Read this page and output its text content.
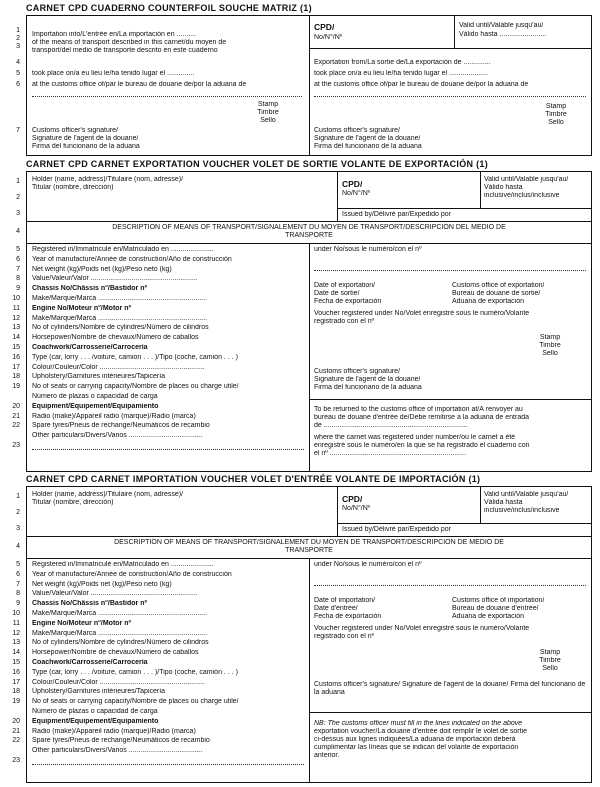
CARNET CPD CUADERNO COUNTERFOIL SOUCHE MATRIZ (1)
1
2
3
4
5
6
7
Importation into/L'entrée en/La importación en ..........
of the means of transport described in this carnet/du moyen de
transport/del medio de transporte descrito en este cuaderno
took place on/a eu lieu le/ha tenido lugar el ..............
at the customs office of/par le bureau de douane de/por la aduana de
Stamp
Timbre
Sello
Customs officer's signature/
Signature de l'agent de la douane/
Firma del funcionario de la aduana
CPD/
No/N°/Nº
Valid until/Valable jusqu'au/
Válido hasta ........................
Exportation from/La sortie de/La exportación de ..............
took place on/a eu lieu le/ha tenido lugar el ....................
at the customs office of/par le bureau de douane de/por la aduana de
Stamp
Timbre
Sello
Customs officer's signature/
Signature de l'agent de la douane/
Firma del funcionario de la aduana
CARNET CPD CARNET EXPORTATION VOUCHER VOLET DE SORTIE VOLANTE DE EXPORTACIÓN (1)
1
2
3
4
Holder (name, address)/Titulaire (nom, adresse)/
Titular (nombre, dirección)	CPD/
No/N°/Nº
Valid until/Valable jusqu'au/
Válido hasta
inclusive/inclus/inclusive
Issued by/Délivré par/Expedido por
DESCRIPTION OF MEANS OF TRANSPORT/SIGNALEMENT DU MOYEN DE TRANSPORT/DESCRIPCIÓN DEL MEDIO DE
TRANSPORTE
under No/sous le numéro/con el nº
Date of exportation/
Date de sortie/
Fecha de exportación
Customs office of exportation/
Bureau de douane de sortie/
Aduana de exportación
Voucher registered under No/Volet enregistré sous le numéro/Volante
registrado con el nº
Stamp
Timbre
Sello
Customs officer's signature/
Signature de l'agent de la douane/
Firma del funcionario de la aduana
To be returned to the customs office of importation at/À renvoyer au
bureau de douane d'entrée de/Debe remitirse a la aduana de entrada
de ..........................................................................
where the carnet was registered under number/où le carnet a été
enregistré sous le numéro/en la que se ha registrado el cuaderno con
el nº ......................................................................
CARNET CPD CARNET IMPORTATION VOUCHER VOLET D'ENTRÉE VOLANTE DE IMPORTACIÓN (1)
1
2
3
4
Holder (name, address)/Titulaire (nom, adresse)/
Titular (nombre, dirección)	CPD/
No/N°/Nº
Valid until/Valable jusqu'au/
Válida hasta
inclusive/inclus/inclusive
Issued by/Délivré par/Expedido por
DESCRIPTION OF MEANS OF TRANSPORT/SIGNALEMENT DU MOYEN DE TRANSPORT/DESCRIPCIÓN DE MEDIO DE
TRANSPORTE
under No/sous le numéro/con el nº
Date of importation/
Date d'entrée/
Fecha de exportación
Customs office of importation/
Bureau de douane d'entrée/
Aduana de exportación
Voucher registered under No/Volet enregistré sous le numéro/Volante
registrado con el nº
Stamp
Timbre
Sello
Customs officer's signature/ Signature de l'agent de la douane/ Firma del funcionario de la aduana
NB: The customs officer must fill in the lines indicated on the above
exportation voucher/La douane d'entrée doit remplir le volet de sortie
ci-dessus aux lignes indiquées/La aduana de importación deberá
cumplimentar las líneas que se indican del volante de exportación
anterior.
5 Registered in/Immatriculé en/Matriculado en ......................
6 Year of manufacture/Année de construction/Año de construcción
7 Net weight (kg)/Poids net (kg)/Peso neto (kg)
8 Value/Valeur/Valor .......................................................
9 Chassis No/Châssis n°/Bastidor nº
10 Make/Marque/Marca ........................................................
11 Engine No/Moteur n°/Motor nº
12 Make/Marque/Marca ........................................................
13 No of cylinders/Nombre de cylindres/Número de cilindros
14 Horsepower/Nombre de chevaux/Número de caballos
15 Coachwork/Carrosserie/Carrocería
16 Type (car, lorry . . . /voiture, camion . . . )/Tipo (coche, camión . . . )
17 Colour/Couleur/Color ......................................................
18 Upholstery/Garnitures intérieures/Tapicería
19 No of seats or carrying capacity/Nombre de places ou charge utile/
Número de plazas o capacidad de carga
20 Equipment/Équipement/Equipamiento
21 Radio (make)/Appareil radio (marque)/Radio (marca)
22 Spare tyres/Pneus de rechange/Neumáticos de recambio
Other particulars/Divers/Varios ......................................
23
5 Registered in/Immatriculé en/Matriculado en ......................
6 Year of manufacture/Année de construction/Año de construcción
7 Net weight (kg)/Poids net (kg)/Peso neto (kg)
8 Value/Valeur/Valor .......................................................
9 Chassis No/Châssis n°/Bastidor nº
10 Make/Marque/Marca ........................................................
11 Engine No/Moteur n°/Motor nº
12 Make/Marque/Marca ........................................................
13 No of cylinders/Nombre de cylindres/Número de cilindros
14 Horsepower/Nombre de chevaux/Número de caballos
15 Coachwork/Carrosserie/Carrocería
16 Type (car, lorry . . . /voiture, camion . . . )/Tipo (coche, camión . . . )
17 Colour/Couleur/Color ......................................................
18 Upholstery/Garnitures intérieures/Tapicería
19 No of seats or carrying capacity/Nombre de places ou charge utile/
Número de plazas o capacidad de carga
20 Equipment/Équipement/Equipamiento
21 Radio (make)/Appareil radio (marque)/Radio (marca)
22 Spare tyres/Pneus de rechange/Neumáticos de recambio
Other particulars/Divers/Varios ......................................
23
